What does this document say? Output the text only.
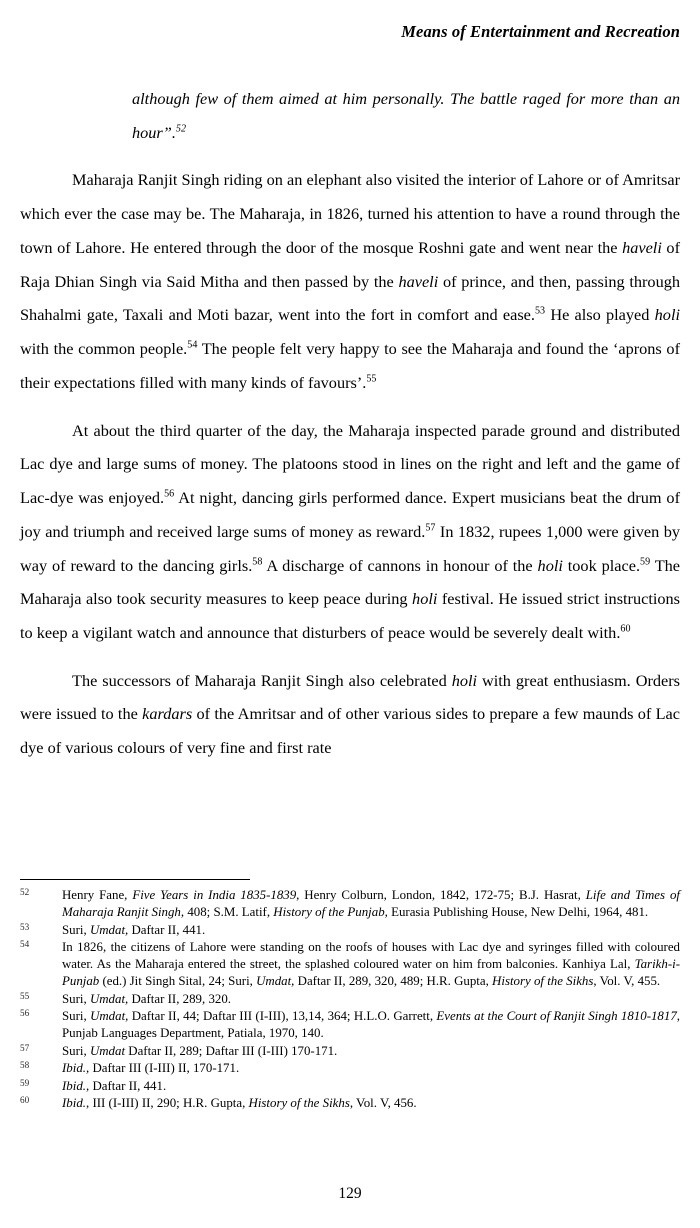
Means of Entertainment and Recreation
although few of them aimed at him personally. The battle raged for more than an hour”.$^{52}$

Maharaja Ranjit Singh riding on an elephant also visited the interior of Lahore or of Amritsar which ever the case may be. The Maharaja, in 1826, turned his attention to have a round through the town of Lahore. He entered through the door of the mosque Roshni gate and went near the haveli of Raja Dhian Singh via Said Mitha and then passed by the haveli of prince, and then, passing through Shahalmi gate, Taxali and Moti bazar, went into the fort in comfort and ease.$^{53}$ He also played holi with the common people.$^{54}$ The people felt very happy to see the Maharaja and found the ‘aprons of their expectations filled with many kinds of favours’.$^{55}$

At about the third quarter of the day, the Maharaja inspected parade ground and distributed Lac dye and large sums of money. The platoons stood in lines on the right and left and the game of Lac-dye was enjoyed.$^{56}$ At night, dancing girls performed dance. Expert musicians beat the drum of joy and triumph and received large sums of money as reward.$^{57}$ In 1832, rupees 1,000 were given by way of reward to the dancing girls.$^{58}$ A discharge of cannons in honour of the holi took place.$^{59}$ The Maharaja also took security measures to keep peace during holi festival. He issued strict instructions to keep a vigilant watch and announce that disturbers of peace would be severely dealt with.$^{60}$

The successors of Maharaja Ranjit Singh also celebrated holi with great enthusiasm. Orders were issued to the kardars of the Amritsar and of other various sides to prepare a few maunds of Lac dye of various colours of very fine and first rate

52	Henry Fane, Five Years in India 1835-1839, Henry Colburn, London, 1842, 172-75; B.J. Hasrat, Life and Times of Maharaja Ranjit Singh, 408; S.M. Latif, History of the Punjab, Eurasia Publishing House, New Delhi, 1964, 481.
53	Suri, Umdat, Daftar II, 441.
54	In 1826, the citizens of Lahore were standing on the roofs of houses with Lac dye and syringes filled with coloured water. As the Maharaja entered the street, the splashed coloured water on him from balconies. Kanhiya Lal, Tarikh-i-Punjab (ed.) Jit Singh Sital, 24; Suri, Umdat, Daftar II, 289, 320, 489; H.R. Gupta, History of the Sikhs, Vol. V, 455.
55	Suri, Umdat, Daftar II, 289, 320.
56	Suri, Umdat, Daftar II, 44; Daftar III (I-III), 13,14, 364; H.L.O. Garrett, Events at the Court of Ranjit Singh 1810-1817, Punjab Languages Department, Patiala, 1970, 140.
57	Suri, Umdat Daftar II, 289; Daftar III (I-III) 170-171.
58	Ibid., Daftar III (I-III) II, 170-171.
59	Ibid., Daftar II, 441.
60	Ibid., III (I-III) II, 290; H.R. Gupta, History of the Sikhs, Vol. V, 456.
129
